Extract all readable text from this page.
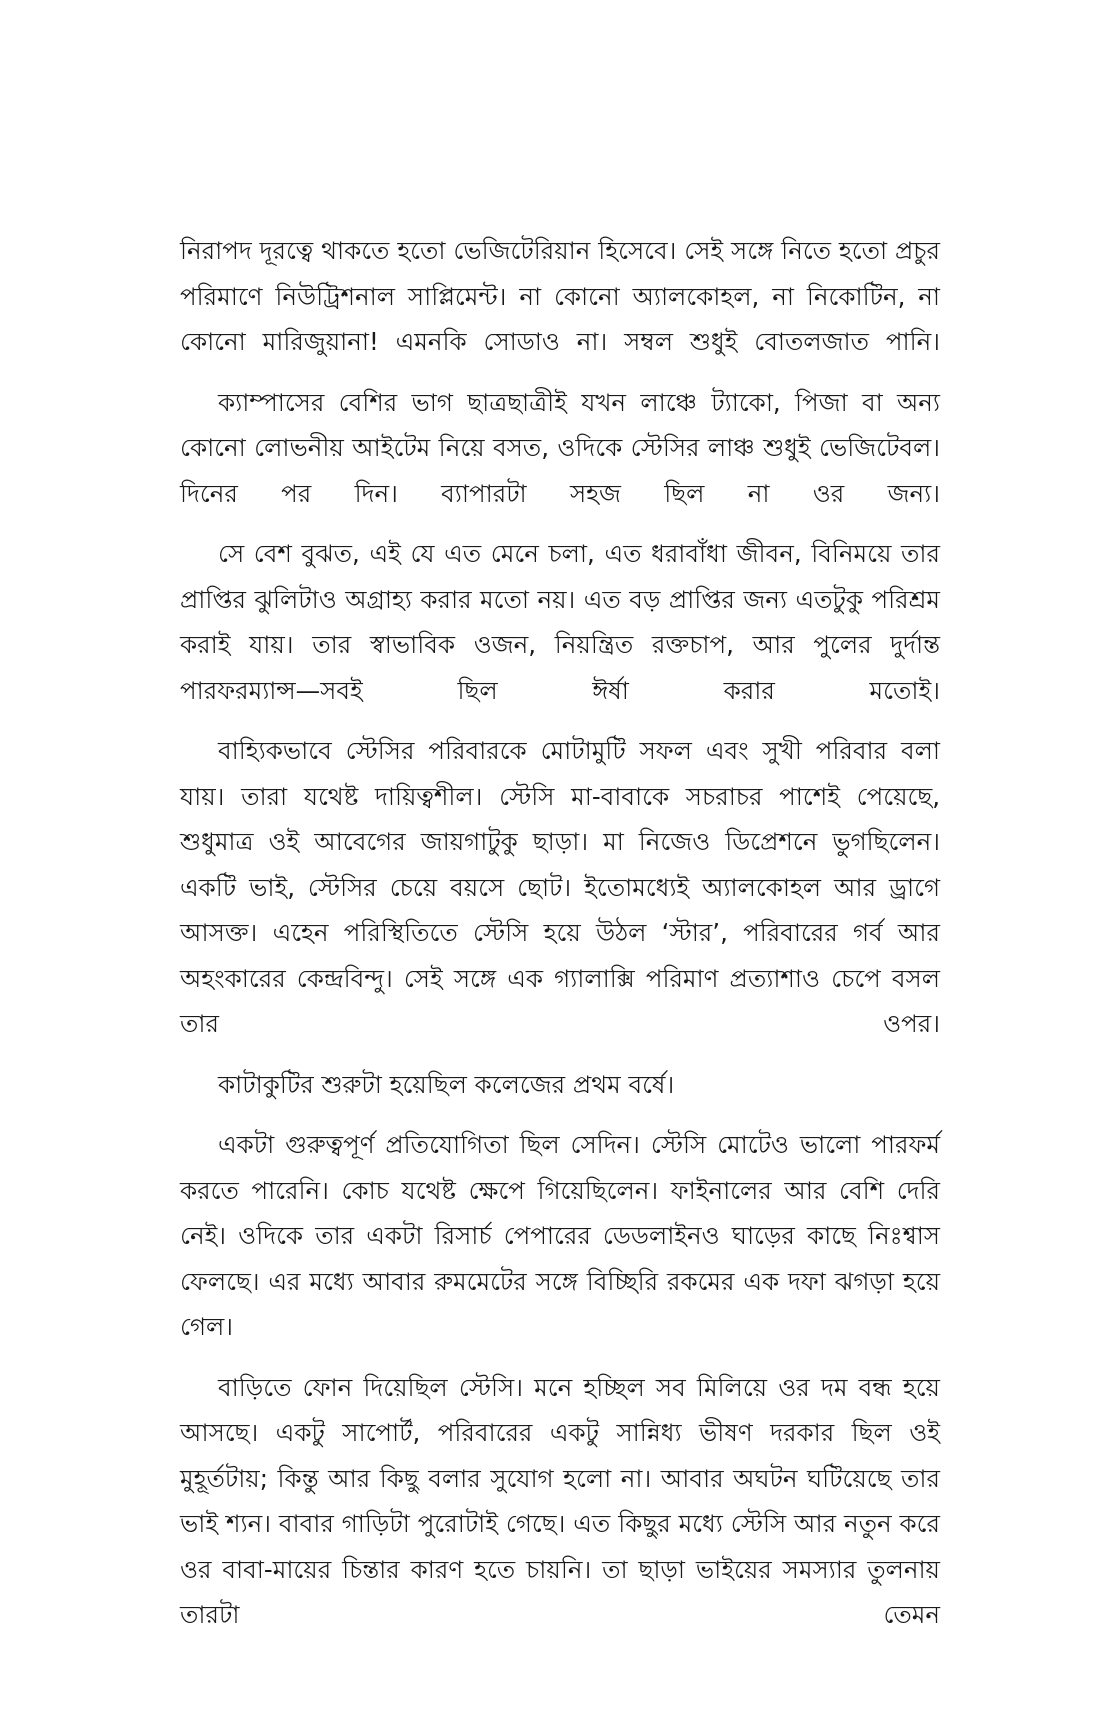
নিরাপদ দূরত্বে থাকতে হতো ভেজিটেরিয়ান হিসেবে। সেই সঙ্গে নিতে হতো প্রচুর পরিমাণে নিউট্রিশনাল সাপ্লিমেন্ট। না কোনো অ্যালকোহল, না নিকোটিন, না কোনো মারিজুয়ানা! এমনকি সোডাও না। সম্বল শুধুই বোতলজাত পানি।

ক্যাম্পাসের বেশির ভাগ ছাত্রছাত্রীই যখন লাঞ্চে ট্যাকো, পিজা বা অন্য কোনো লোভনীয় আইটেম নিয়ে বসত, ওদিকে স্টেসির লাঞ্চ শুধুই ভেজিটেবল। দিনের পর দিন। ব্যাপারটা সহজ ছিল না ওর জন্য।

সে বেশ বুঝত, এই যে এত মেনে চলা, এত ধরাবাঁধা জীবন, বিনিময়ে তার প্রাপ্তির ঝুলিটাও অগ্রাহ্য করার মতো নয়। এত বড় প্রাপ্তির জন্য এতটুকু পরিশ্রম করাই যায়। তার স্বাভাবিক ওজন, নিয়ন্ত্রিত রক্তচাপ, আর পুলের দুর্দান্ত পারফরম্যান্স—সবই ছিল ঈর্ষা করার মতোই।

বাহ্যিকভাবে স্টেসির পরিবারকে মোটামুটি সফল এবং সুখী পরিবার বলা যায়। তারা যথেষ্ট দায়িত্বশীল। স্টেসি মা-বাবাকে সচরাচর পাশেই পেয়েছে, শুধুমাত্র ওই আবেগের জায়গাটুকু ছাড়া। মা নিজেও ডিপ্রেশনে ভুগছিলেন। একটি ভাই, স্টেসির চেয়ে বয়সে ছোট। ইতোমধ্যেই অ্যালকোহল আর ড্রাগে আসক্ত। এহেন পরিস্থিতিতে স্টেসি হয়ে উঠল ‘স্টার’, পরিবারের গর্ব আর অহংকারের কেন্দ্রবিন্দু। সেই সঙ্গে এক গ্যালাক্সি পরিমাণ প্রত্যাশাও চেপে বসল তার ওপর।

কাটাকুটির শুরুটা হয়েছিল কলেজের প্রথম বর্ষে।

একটা গুরুত্বপূর্ণ প্রতিযোগিতা ছিল সেদিন। স্টেসি মোটেও ভালো পারফর্ম করতে পারেনি। কোচ যথেষ্ট ক্ষেপে গিয়েছিলেন। ফাইনালের আর বেশি দেরি নেই। ওদিকে তার একটা রিসার্চ পেপারের ডেডলাইনও ঘাড়ের কাছে নিঃশ্বাস ফেলছে। এর মধ্যে আবার রুমমেটের সঙ্গে বিচ্ছিরি রকমের এক দফা ঝগড়া হয়ে গেল।

বাড়িতে ফোন দিয়েছিল স্টেসি। মনে হচ্ছিল সব মিলিয়ে ওর দম বন্ধ হয়ে আসছে। একটু সাপোর্ট, পরিবারের একটু সান্নিধ্য ভীষণ দরকার ছিল ওই মুহূর্তটায়; কিন্তু আর কিছু বলার সুযোগ হলো না। আবার অঘটন ঘটিয়েছে তার ভাই শ্যন। বাবার গাড়িটা পুরোটাই গেছে। এত কিছুর মধ্যে স্টেসি আর নতুন করে ওর বাবা-মায়ের চিন্তার কারণ হতে চায়নি। তা ছাড়া ভাইয়ের সমস্যার তুলনায় তারটা তেমন
